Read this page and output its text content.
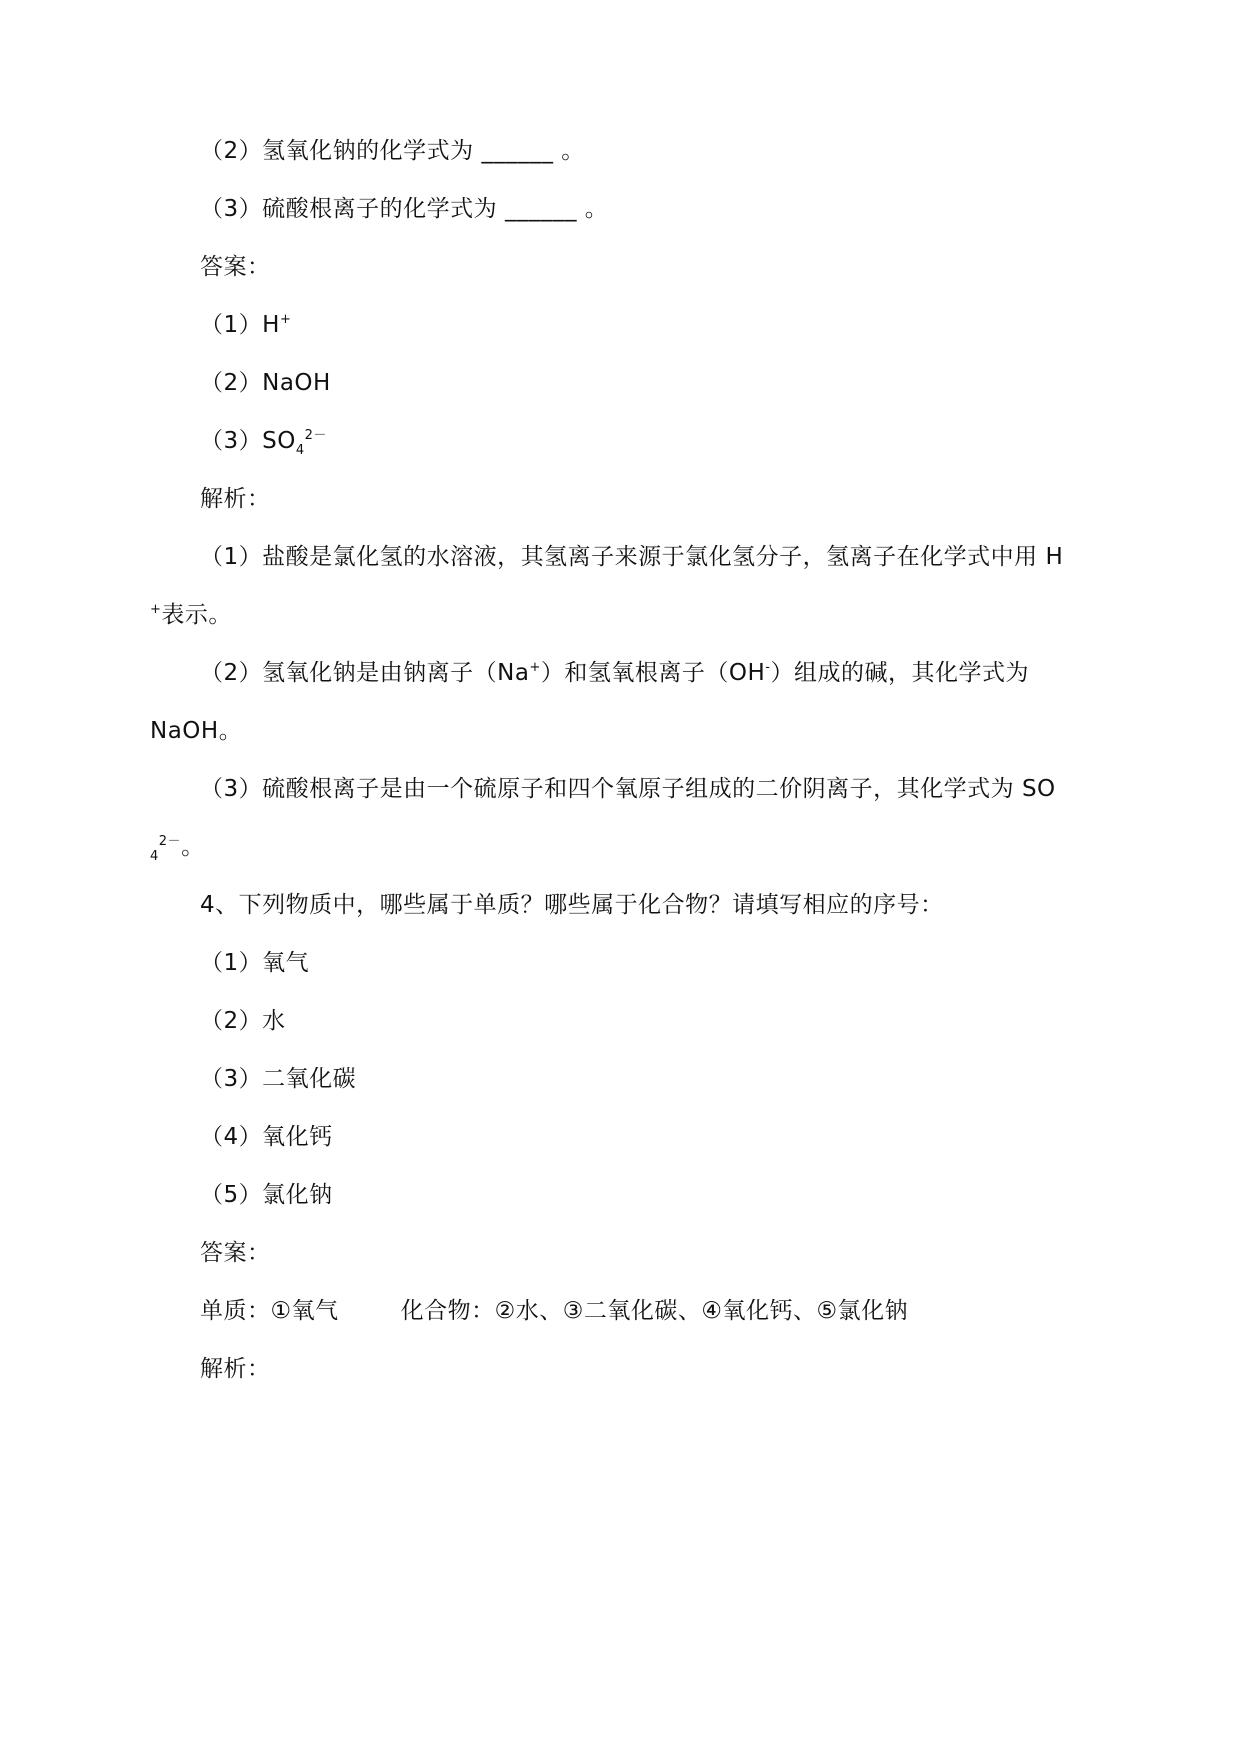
（2）氢氧化钠的化学式为 ______ 。
（3）硫酸根离子的化学式为 ______ 。
答案：
（1）H+
（2）NaOH
$(3)SO_4^{2-}$
解析：
（1）盐酸是氯化氢的水溶液，其氢离子来源于氯化氢分子，氢离子在化学式中用 H
+表示。
（2）氢氧化钠是由钠离子（Na+）和氢氧根离子（OH-）组成的碱，其化学式为
NaOH。
（3）硫酸根离子是由一个硫原子和四个氧原子组成的二价阴离子，其化学式为 SO
$_4^{2-}$。
4、下列物质中，哪些属于单质？哪些属于化合物？请填写相应的序号：
（1）氧气
（2）水
（3）二氧化碳
（4）氧化钙
（5）氯化钠
答案：
单质：①氧气	化合物：②水、③二氧化碳、④氧化钙、⑤氯化钠
解析：
